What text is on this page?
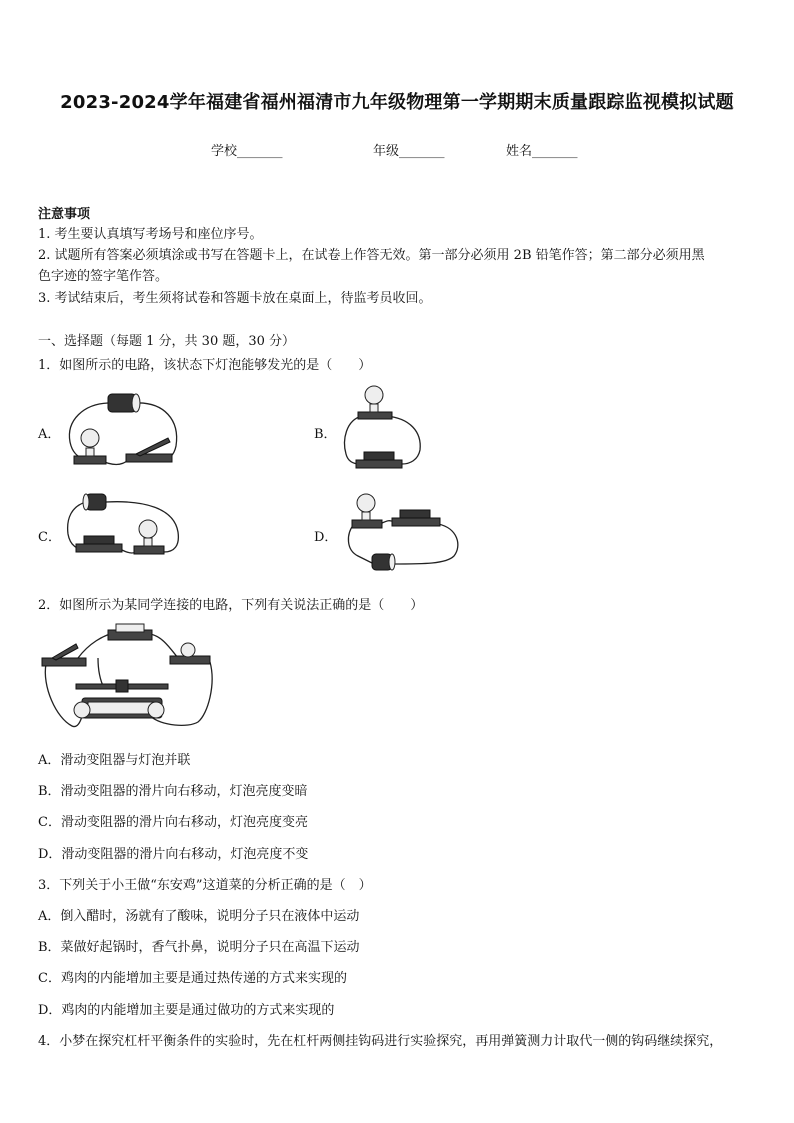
2023-2024学年福建省福州福清市九年级物理第一学期期末质量跟踪监视模拟试题
学校_______	年级_______	姓名_______
注意事项
1. 考生要认真填写考场号和座位序号。
2. 试题所有答案必须填涂或书写在答题卡上，在试卷上作答无效。第一部分必须用 2B 铅笔作答；第二部分必须用黑
色字迹的签字笔作答。
3. 考试结束后，考生须将试卷和答题卡放在桌面上，待监考员收回。
一、选择题（每题 1 分，共 30 题，30 分）
1．如图所示的电路，该状态下灯泡能够发光的是（　　）
A．	B．
C．	D．
2．如图所示为某同学连接的电路，下列有关说法正确的是（　　）
A．滑动变阻器与灯泡并联
B．滑动变阻器的滑片向右移动，灯泡亮度变暗
C．滑动变阻器的滑片向右移动，灯泡亮度变亮
D．滑动变阻器的滑片向右移动，灯泡亮度不变
3．下列关于小王做“东安鸡”这道菜的分析正确的是（　）
A．倒入醋时，汤就有了酸味，说明分子只在液体中运动
B．菜做好起锅时，香气扑鼻，说明分子只在高温下运动
C．鸡肉的内能增加主要是通过热传递的方式来实现的
D．鸡肉的内能增加主要是通过做功的方式来实现的
4．小梦在探究杠杆平衡条件的实验时，先在杠杆两侧挂钩码进行实验探究，再用弹簧测力计取代一侧的钩码继续探究，
